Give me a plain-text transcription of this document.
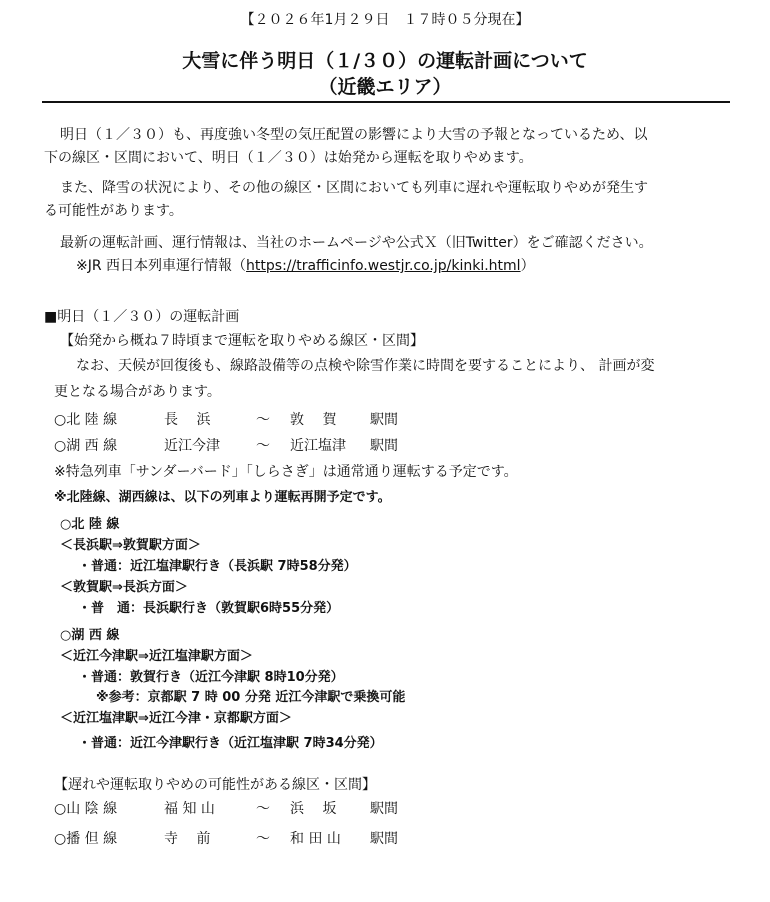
【２０２６年1月２９日　１７時０５分現在】
大雪に伴う明日（１/３０）の運転計画について
（近畿エリア）
明日（１／３０）も、再度強い冬型の気圧配置の影響により大雪の予報となっているため、以
下の線区・区間において、明日（１／３０）は始発から運転を取りやめます。
また、降雪の状況により、その他の線区・区間においても列車に遅れや運転取りやめが発生す
る可能性があります。
最新の運転計画、運行情報は、当社のホームページや公式Ｘ（旧Twitter）をご確認ください。
※JR 西日本列車運行情報（https://trafficinfo.westjr.co.jp/kinki.html）
■明日（１／３０）の運転計画
【始発から概ね７時頃まで運転を取りやめる線区・区間】
なお、天候が回復後も、線路設備等の点検や除雪作業に時間を要することにより、 計画が変
更となる場合があります。
○北 陸 線	長　 浜	～ 敦　 賀 駅間
○湖 西 線	近江今津	～ 近江塩津 駅間
※特急列車「サンダーバード」「しらさぎ」は通常通り運転する予定です。
※北陸線、湖西線は、以下の列車より運転再開予定です。
○北 陸 線
＜長浜駅⇒敦賀駅方面＞
・普通：近江塩津駅行き（長浜駅 7時58分発）
＜敦賀駅⇒長浜方面＞
・普　通：長浜駅行き（敦賀駅6時55分発）
○湖 西 線
＜近江今津駅⇒近江塩津駅方面＞
・普通：敦賀行き（近江今津駅 8時10分発）
※参考：京都駅 7 時 00 分発 近江今津駅で乗換可能
＜近江塩津駅⇒近江今津・京都駅方面＞
・普通：近江今津駅行き（近江塩津駅 7時34分発）
【遅れや運転取りやめの可能性がある線区・区間】
○山 陰 線	福 知 山	～ 浜　 坂 駅間
○播 但 線	寺　 前	～ 和 田 山 駅間
